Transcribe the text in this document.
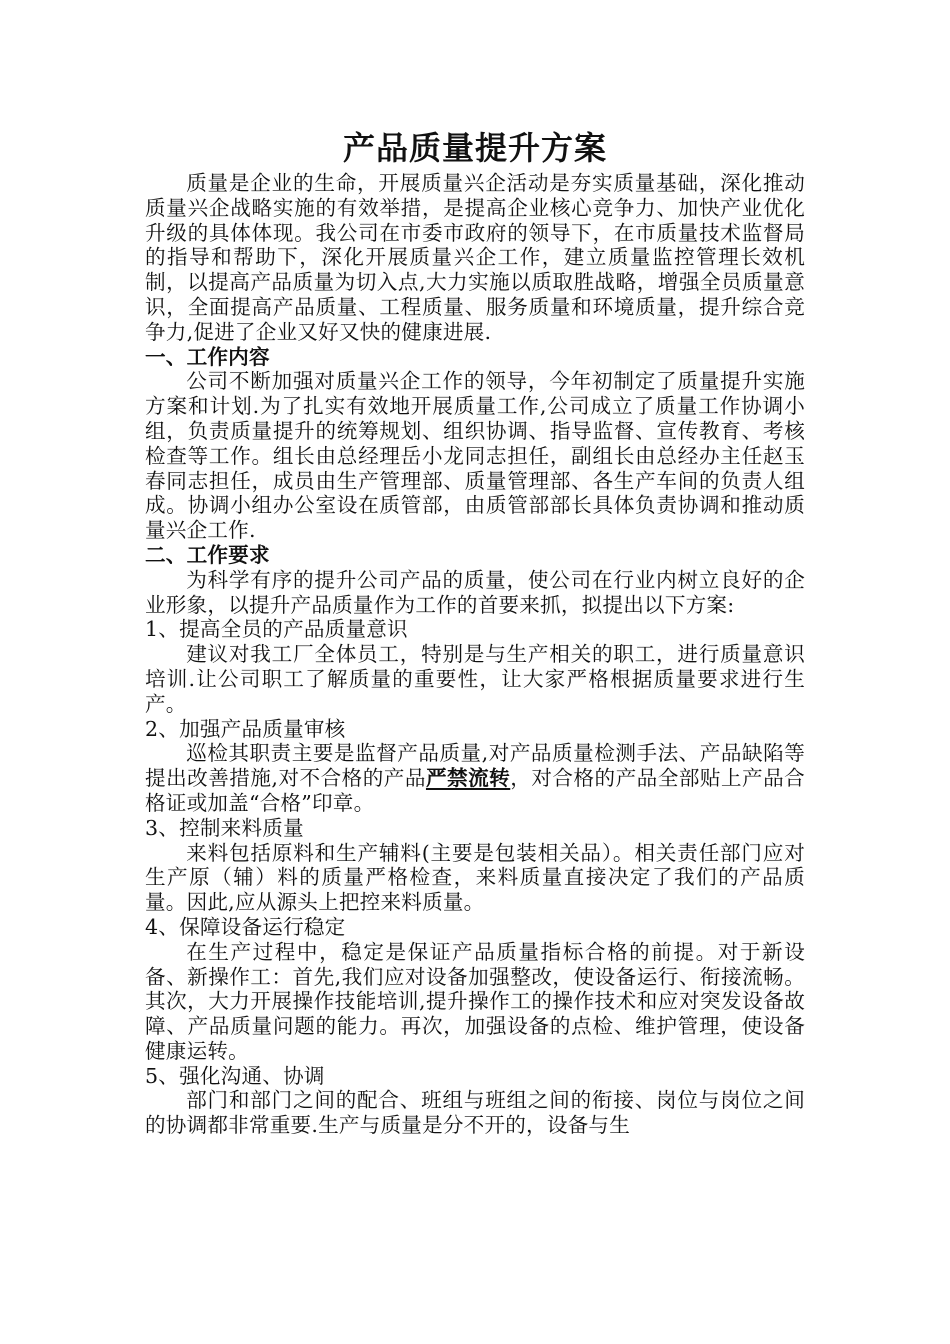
产品质量提升方案

质量是企业的生命，开展质量兴企活动是夯实质量基础，深化推动质量兴企战略实施的有效举措，是提高企业核心竞争力、加快产业优化升级的具体体现。我公司在市委市政府的领导下，在市质量技术监督局的指导和帮助下，深化开展质量兴企工作，建立质量监控管理长效机制，以提高产品质量为切入点,大力实施以质取胜战略，增强全员质量意识，全面提高产品质量、工程质量、服务质量和环境质量，提升综合竞争力,促进了企业又好又快的健康进展.

一、工作内容

公司不断加强对质量兴企工作的领导，今年初制定了质量提升实施方案和计划.为了扎实有效地开展质量工作,公司成立了质量工作协调小组，负责质量提升的统筹规划、组织协调、指导监督、宣传教育、考核检查等工作。组长由总经理岳小龙同志担任，副组长由总经办主任赵玉春同志担任，成员由生产管理部、质量管理部、各生产车间的负责人组成。协调小组办公室设在质管部，由质管部部长具体负责协调和推动质量兴企工作.

二、工作要求

为科学有序的提升公司产品的质量，使公司在行业内树立良好的企业形象，以提升产品质量作为工作的首要来抓，拟提出以下方案:

1、提高全员的产品质量意识

建议对我工厂全体员工，特别是与生产相关的职工，进行质量意识培训.让公司职工了解质量的重要性，让大家严格根据质量要求进行生产。

2、加强产品质量审核

巡检其职责主要是监督产品质量,对产品质量检测手法、产品缺陷等提出改善措施,对不合格的产品严禁流转，对合格的产品全部贴上产品合格证或加盖“合格”印章。

3、控制来料质量

来料包括原料和生产辅料(主要是包装相关品）。相关责任部门应对生产原（辅）料的质量严格检查，来料质量直接决定了我们的产品质量。因此,应从源头上把控来料质量。

4、保障设备运行稳定

在生产过程中，稳定是保证产品质量指标合格的前提。对于新设备、新操作工：首先,我们应对设备加强整改，使设备运行、衔接流畅。其次，大力开展操作技能培训,提升操作工的操作技术和应对突发设备故障、产品质量问题的能力。再次，加强设备的点检、维护管理，使设备健康运转。

5、强化沟通、协调

部门和部门之间的配合、班组与班组之间的衔接、岗位与岗位之间的协调都非常重要.生产与质量是分不开的，设备与生
